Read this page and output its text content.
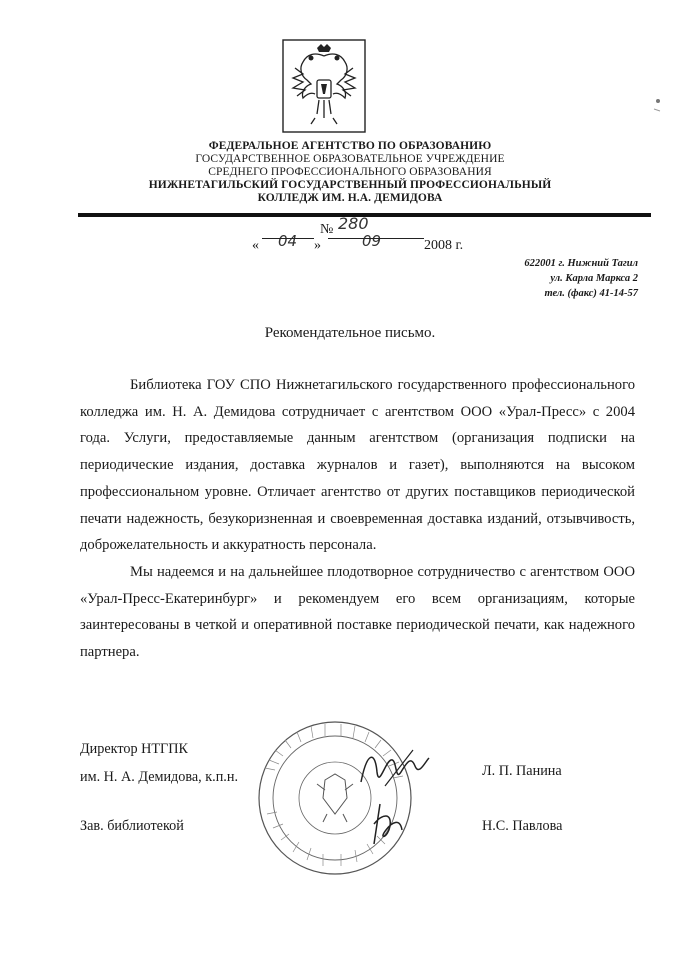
ФЕДЕРАЛЬНОЕ АГЕНТСТВО ПО ОБРАЗОВАНИЮ
ГОСУДАРСТВЕННОЕ ОБРАЗОВАТЕЛЬНОЕ УЧРЕЖДЕНИЕ
СРЕДНЕГО ПРОФЕССИОНАЛЬНОГО ОБРАЗОВАНИЯ
НИЖНЕТАГИЛЬСКИЙ ГОСУДАРСТВЕННЫЙ ПРОФЕССИОНАЛЬНЫЙ
КОЛЛЕДЖ ИМ. Н.А. ДЕМИДОВА
№ 280
« 04 »	09	2008 г.
622001 г. Нижний Тагил
ул. Карла Маркса 2
тел. (факс) 41-14-57
Рекомендательное письмо.

Библиотека ГОУ СПО Нижнетагильского государственного профессионального колледжа им. Н. А. Демидова сотрудничает с агентством ООО «Урал-Пресс» с 2004 года. Услуги, предоставляемые данным агентством (организация подписки на периодические издания, доставка журналов и газет), выполняются на высоком профессиональном уровне. Отличает агентство от других поставщиков периодической печати надежность, безукоризненная и своевременная доставка изданий, отзывчивость, доброжелательность и аккуратность персонала.

Мы надеемся и на дальнейшее плодотворное сотрудничество с агентством ООО «Урал-Пресс-Екатеринбург» и рекомендуем его всем организациям, которые заинтересованы в четкой и оперативной поставке периодической печати, как надежного партнера.

Директор НТГПК
им. Н. А. Демидова, к.п.н.	Л. П. Панина
Зав. библиотекой	Н.С. Павлова
